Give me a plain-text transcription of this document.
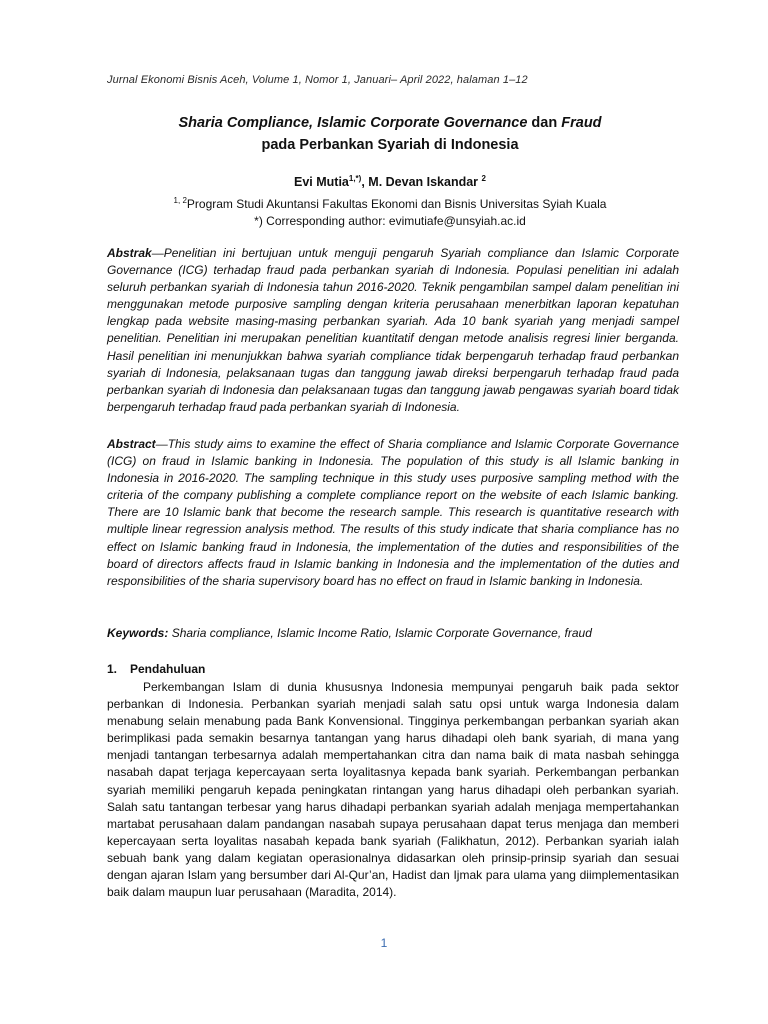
Jurnal Ekonomi Bisnis Aceh, Volume 1, Nomor 1, Januari– April 2022, halaman 1–12
Sharia Compliance, Islamic Corporate Governance dan Fraud
pada Perbankan Syariah di Indonesia
Evi Mutia$^{1,*)}$, M. Devan Iskandar $^2$
$^{1, 2}$Program Studi Akuntansi Fakultas Ekonomi dan Bisnis Universitas Syiah Kuala
*) Corresponding author: evimutiafe@unsyiah.ac.id
Abstrak—Penelitian ini bertujuan untuk menguji pengaruh Syariah compliance dan Islamic Corporate Governance (ICG) terhadap fraud pada perbankan syariah di Indonesia. Populasi penelitian ini adalah seluruh perbankan syariah di Indonesia tahun 2016-2020. Teknik pengambilan sampel dalam penelitian ini menggunakan metode purposive sampling dengan kriteria perusahaan menerbitkan laporan kepatuhan lengkap pada website masing-masing perbankan syariah. Ada 10 bank syariah yang menjadi sampel penelitian. Penelitian ini merupakan penelitian kuantitatif dengan metode analisis regresi linier berganda. Hasil penelitian ini menunjukkan bahwa syariah compliance tidak berpengaruh terhadap fraud perbankan syariah di Indonesia, pelaksanaan tugas dan tanggung jawab direksi berpengaruh terhadap fraud pada perbankan syariah di Indonesia dan pelaksanaan tugas dan tanggung jawab pengawas syariah board tidak berpengaruh terhadap fraud pada perbankan syariah di Indonesia.
Abstract—This study aims to examine the effect of Sharia compliance and Islamic Corporate Governance (ICG) on fraud in Islamic banking in Indonesia. The population of this study is all Islamic banking in Indonesia in 2016-2020. The sampling technique in this study uses purposive sampling method with the criteria of the company publishing a complete compliance report on the website of each Islamic banking. There are 10 Islamic bank that become the research sample. This research is quantitative research with multiple linear regression analysis method. The results of this study indicate that sharia compliance has no effect on Islamic banking fraud in Indonesia, the implementation of the duties and responsibilities of the board of directors affects fraud in Islamic banking in Indonesia and the implementation of the duties and responsibilities of the sharia supervisory board has no effect on fraud in Islamic banking in Indonesia.
Keywords: Sharia compliance, Islamic Income Ratio, Islamic Corporate Governance, fraud
1. Pendahuluan
Perkembangan Islam di dunia khususnya Indonesia mempunyai pengaruh baik pada sektor perbankan di Indonesia. Perbankan syariah menjadi salah satu opsi untuk warga Indonesia dalam menabung selain menabung pada Bank Konvensional. Tingginya perkembangan perbankan syariah akan berimplikasi pada semakin besarnya tantangan yang harus dihadapi oleh bank syariah, di mana yang menjadi tantangan terbesarnya adalah mempertahankan citra dan nama baik di mata nasbah sehingga nasabah dapat terjaga kepercayaan serta loyalitasnya kepada bank syariah. Perkembangan perbankan syariah memiliki pengaruh kepada peningkatan rintangan yang harus dihadapi oleh perbankan syariah. Salah satu tantangan terbesar yang harus dihadapi perbankan syariah adalah menjaga mempertahankan martabat perusahaan dalam pandangan nasabah supaya perusahaan dapat terus menjaga dan memberi kepercayaan serta loyalitas nasabah kepada bank syariah (Falikhatun, 2012). Perbankan syariah ialah sebuah bank yang dalam kegiatan operasionalnya didasarkan oleh prinsip-prinsip syariah dan sesuai dengan ajaran Islam yang bersumber dari Al-Qur’an, Hadist dan Ijmak para ulama yang diimplementasikan baik dalam maupun luar perusahaan (Maradita, 2014).
1
